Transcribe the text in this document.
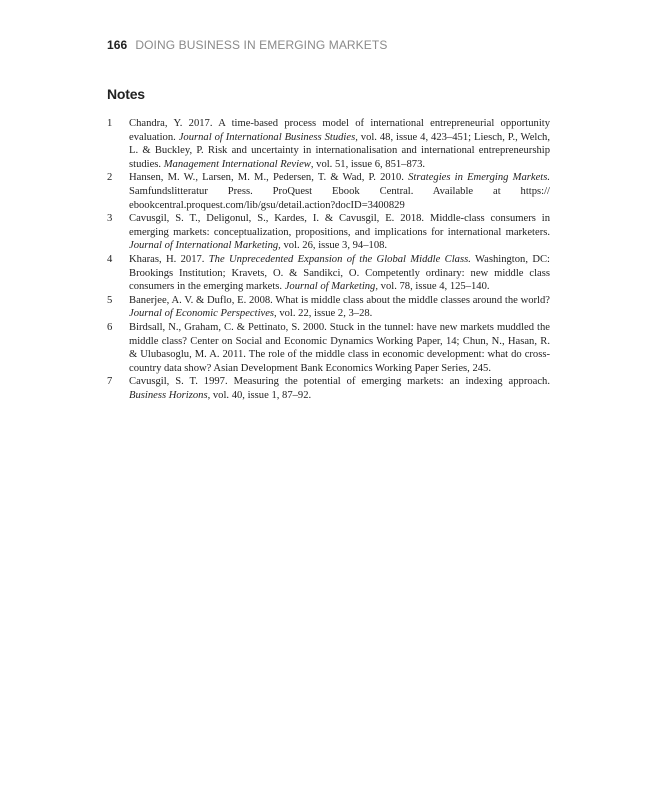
166 DOING BUSINESS IN EMERGING MARKETS
Notes
1	Chandra, Y. 2017. A time-based process model of international entrepreneurial opportunity evaluation. Journal of International Business Studies, vol. 48, issue 4, 423–451; Liesch, P., Welch, L. & Buckley, P. Risk and uncertainty in internationalisation and international entrepreneurship studies. Management International Review, vol. 51, issue 6, 851–873.
2	Hansen, M. W., Larsen, M. M., Pedersen, T. & Wad, P. 2010. Strategies in Emerging Markets. Samfundslitteratur Press. ProQuest Ebook Central. Available at https:// ebookcentral.proquest.com/lib/gsu/detail.action?docID=3400829
3	Cavusgil, S. T., Deligonul, S., Kardes, I. & Cavusgil, E. 2018. Middle-class consumers in emerging markets: conceptualization, propositions, and implications for international marketers. Journal of International Marketing, vol. 26, issue 3, 94–108.
4	Kharas, H. 2017. The Unprecedented Expansion of the Global Middle Class. Washington, DC: Brookings Institution; Kravets, O. & Sandikci, O. Competently ordinary: new middle class consumers in the emerging markets. Journal of Marketing, vol. 78, issue 4, 125–140.
5	Banerjee, A. V. & Duflo, E. 2008. What is middle class about the middle classes around the world? Journal of Economic Perspectives, vol. 22, issue 2, 3–28.
6	Birdsall, N., Graham, C. & Pettinato, S. 2000. Stuck in the tunnel: have new markets muddled the middle class? Center on Social and Economic Dynamics Working Paper, 14; Chun, N., Hasan, R. & Ulubasoglu, M. A. 2011. The role of the middle class in economic development: what do cross-country data show? Asian Development Bank Economics Working Paper Series, 245.
7	Cavusgil, S. T. 1997. Measuring the potential of emerging markets: an indexing approach. Business Horizons, vol. 40, issue 1, 87–92.
